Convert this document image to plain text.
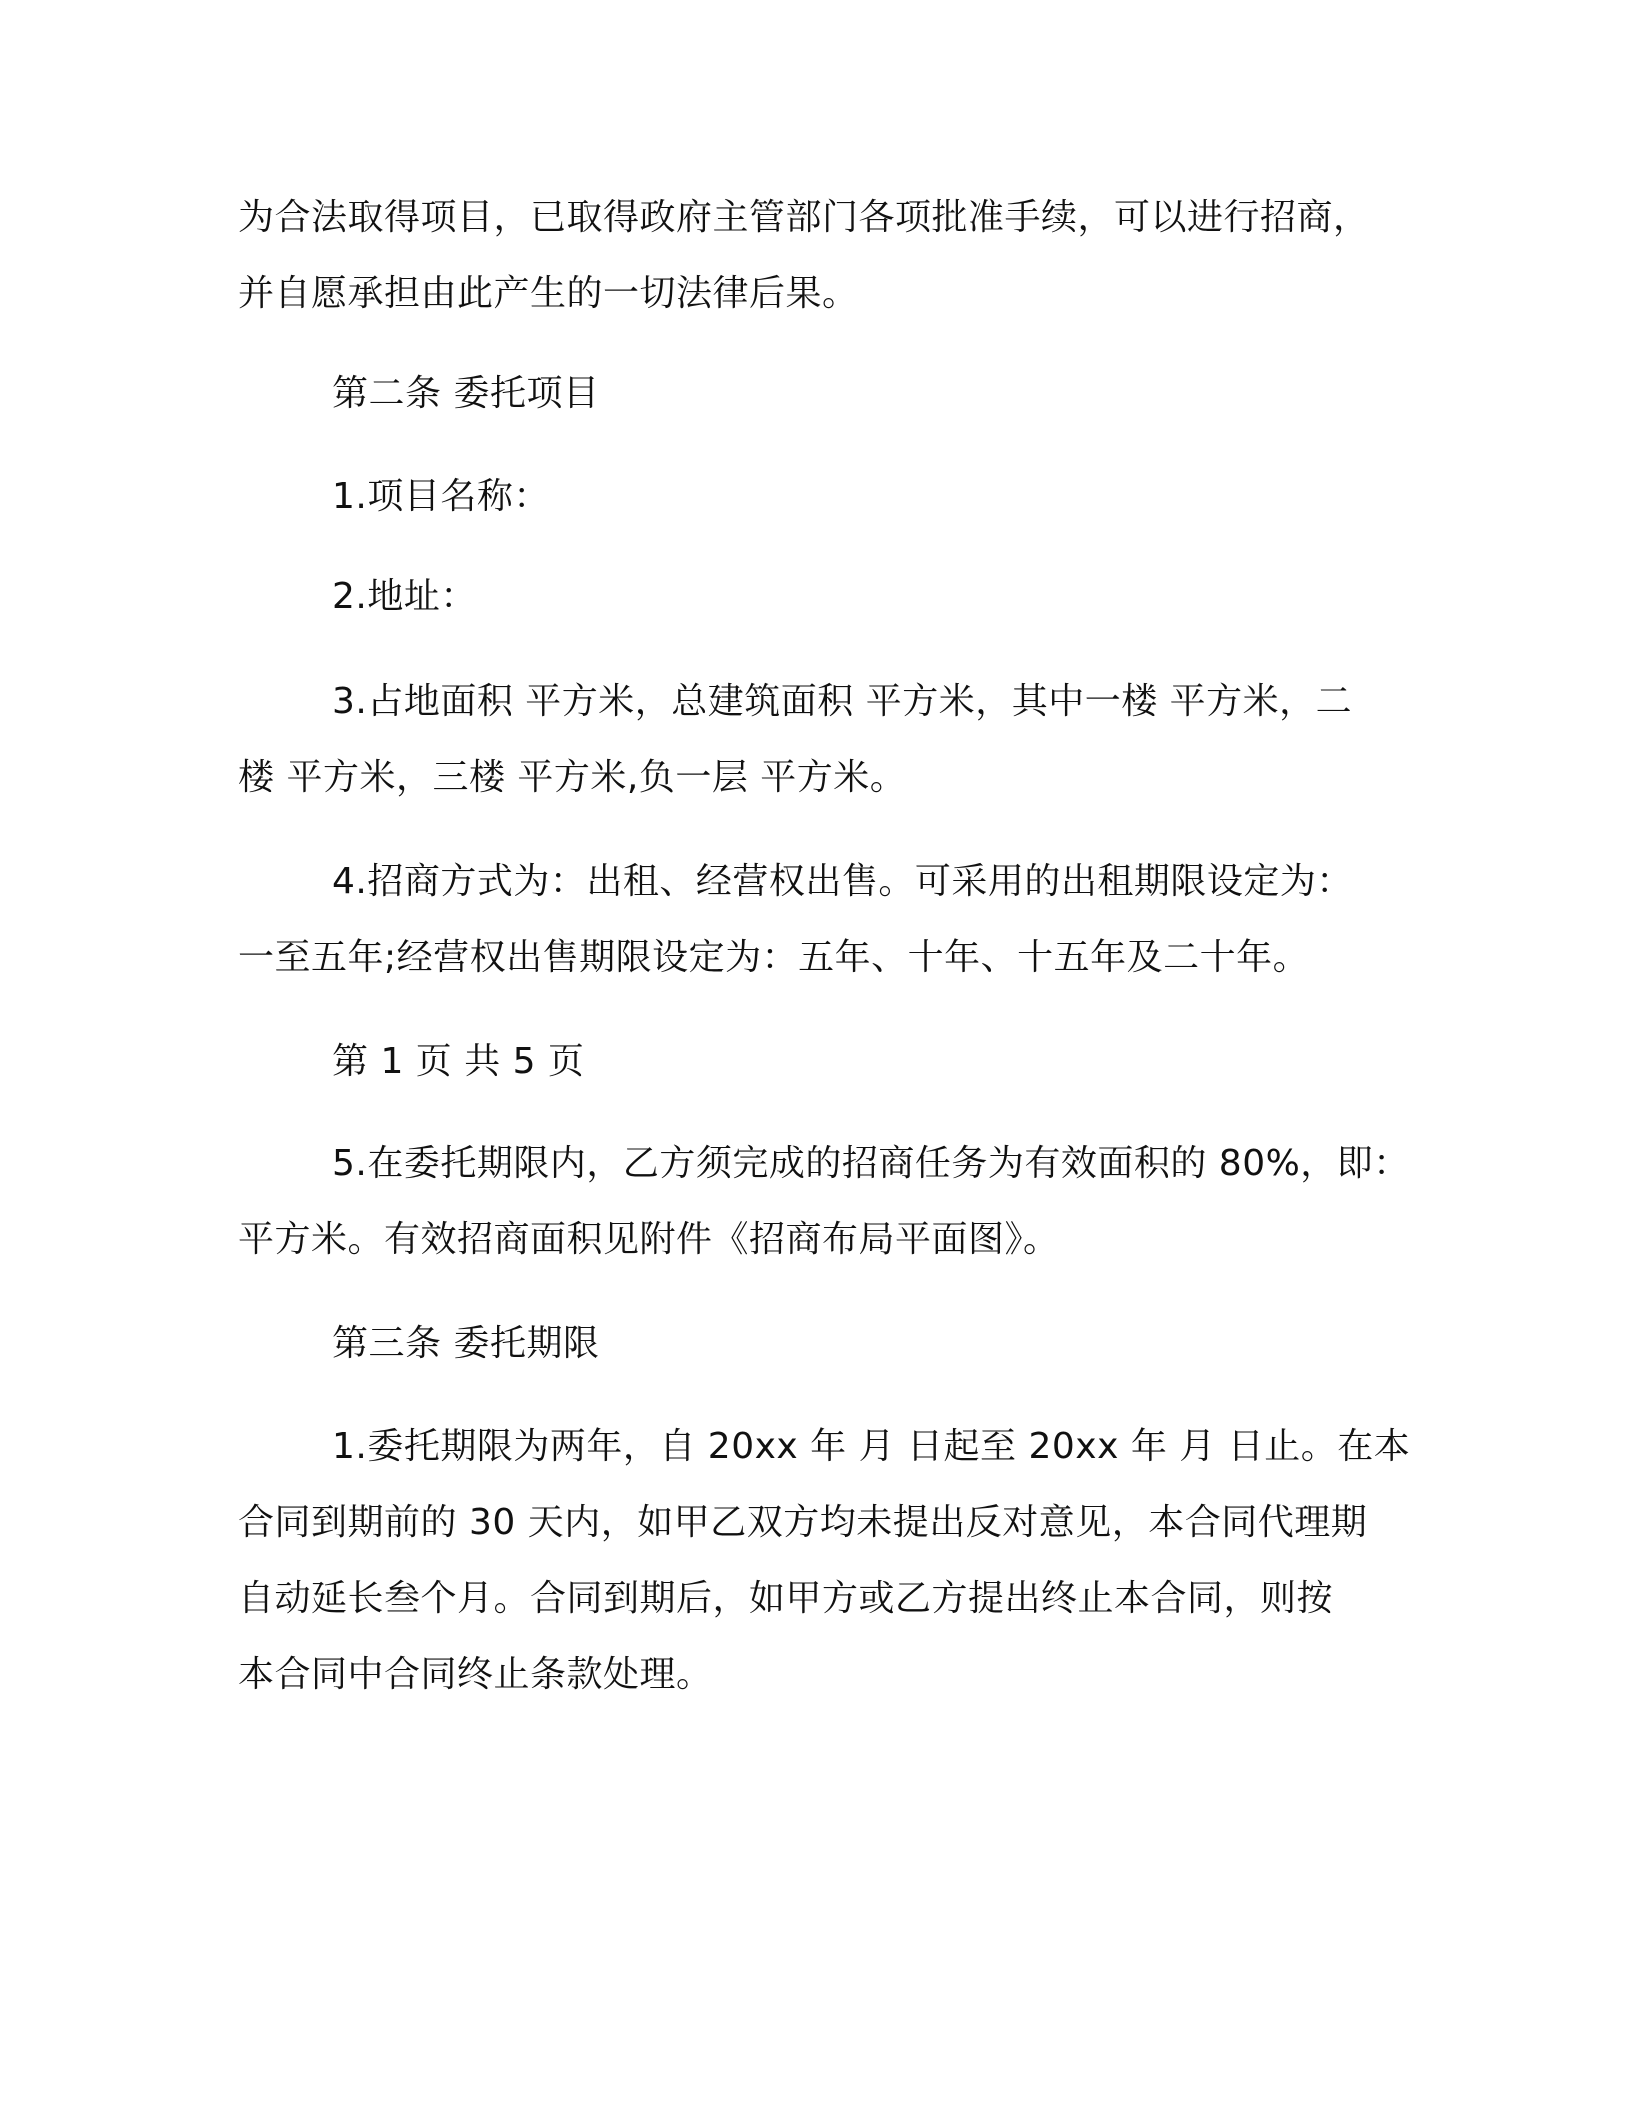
为合法取得项目，已取得政府主管部门各项批准手续，可以进行招商，
并自愿承担由此产生的一切法律后果。
第二条 委托项目
1.项目名称：
2.地址：
3.占地面积 平方米，总建筑面积 平方米，其中一楼 平方米，二
楼 平方米，三楼 平方米,负一层 平方米。
4.招商方式为：出租、经营权出售。可采用的出租期限设定为：
一至五年;经营权出售期限设定为：五年、十年、十五年及二十年。
第 1 页 共 5 页
5.在委托期限内，乙方须完成的招商任务为有效面积的 80%，即：
平方米。有效招商面积见附件《招商布局平面图》。
第三条 委托期限
1.委托期限为两年，自 20xx 年 月 日起至 20xx 年 月 日止。在本
合同到期前的 30 天内，如甲乙双方均未提出反对意见，本合同代理期
自动延长叁个月。合同到期后，如甲方或乙方提出终止本合同，则按
本合同中合同终止条款处理。
